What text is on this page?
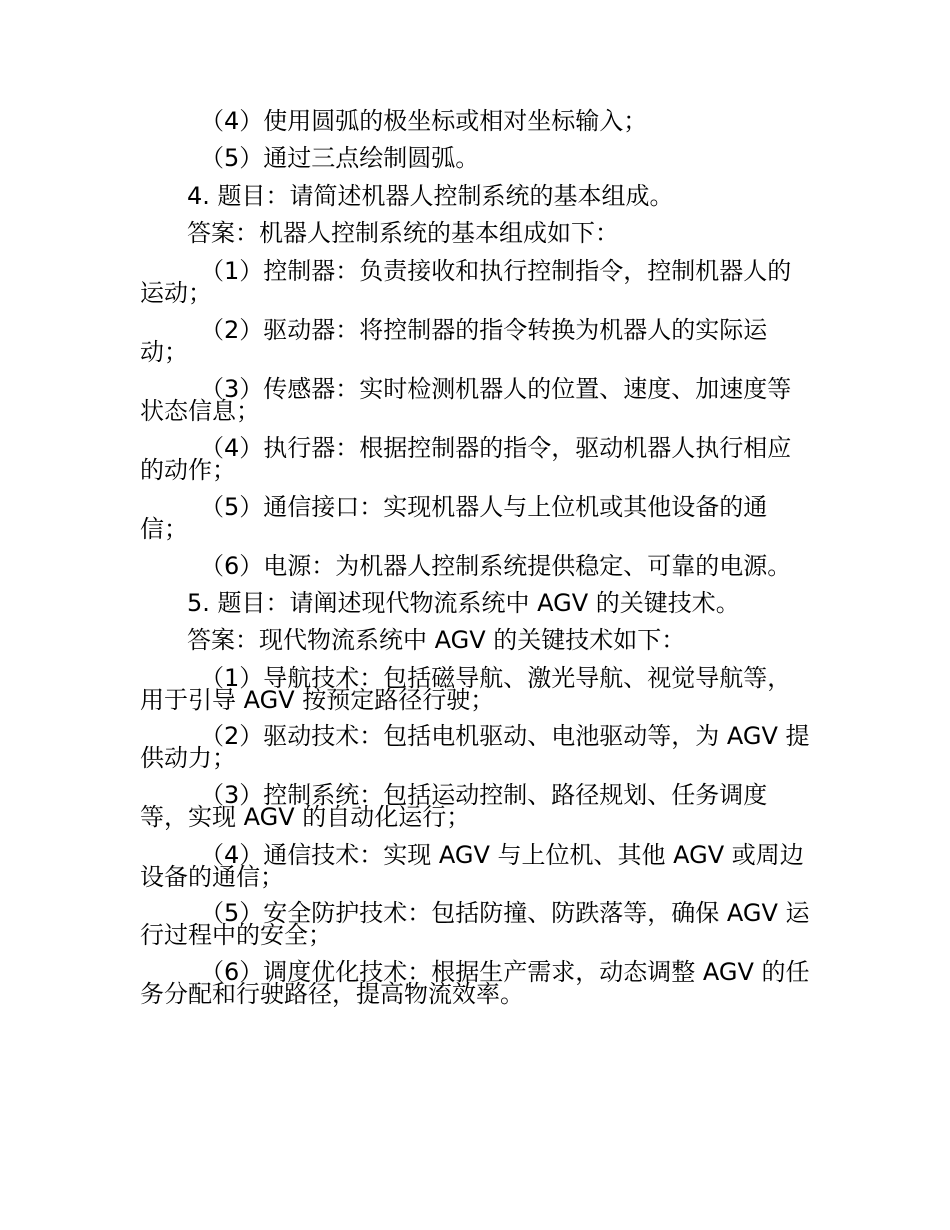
（4）使用圆弧的极坐标或相对坐标输入；

（5）通过三点绘制圆弧。

4. 题目：请简述机器人控制系统的基本组成。

答案：机器人控制系统的基本组成如下：

（1）控制器：负责接收和执行控制指令，控制机器人的

运动；

（2）驱动器：将控制器的指令转换为机器人的实际运

动；

（3）传感器：实时检测机器人的位置、速度、加速度等

状态信息；

（4）执行器：根据控制器的指令，驱动机器人执行相应

的动作；

（5）通信接口：实现机器人与上位机或其他设备的通

信；

（6）电源：为机器人控制系统提供稳定、可靠的电源。

5. 题目：请阐述现代物流系统中 AGV 的关键技术。

答案：现代物流系统中 AGV 的关键技术如下：

（1）导航技术：包括磁导航、激光导航、视觉导航等，

用于引导 AGV 按预定路径行驶；

（2）驱动技术：包括电机驱动、电池驱动等，为 AGV 提

供动力；

（3）控制系统：包括运动控制、路径规划、任务调度

等，实现 AGV 的自动化运行；

（4）通信技术：实现 AGV 与上位机、其他 AGV 或周边

设备的通信；

（5）安全防护技术：包括防撞、防跌落等，确保 AGV 运

行过程中的安全；

（6）调度优化技术：根据生产需求，动态调整 AGV 的任

务分配和行驶路径，提高物流效率。
